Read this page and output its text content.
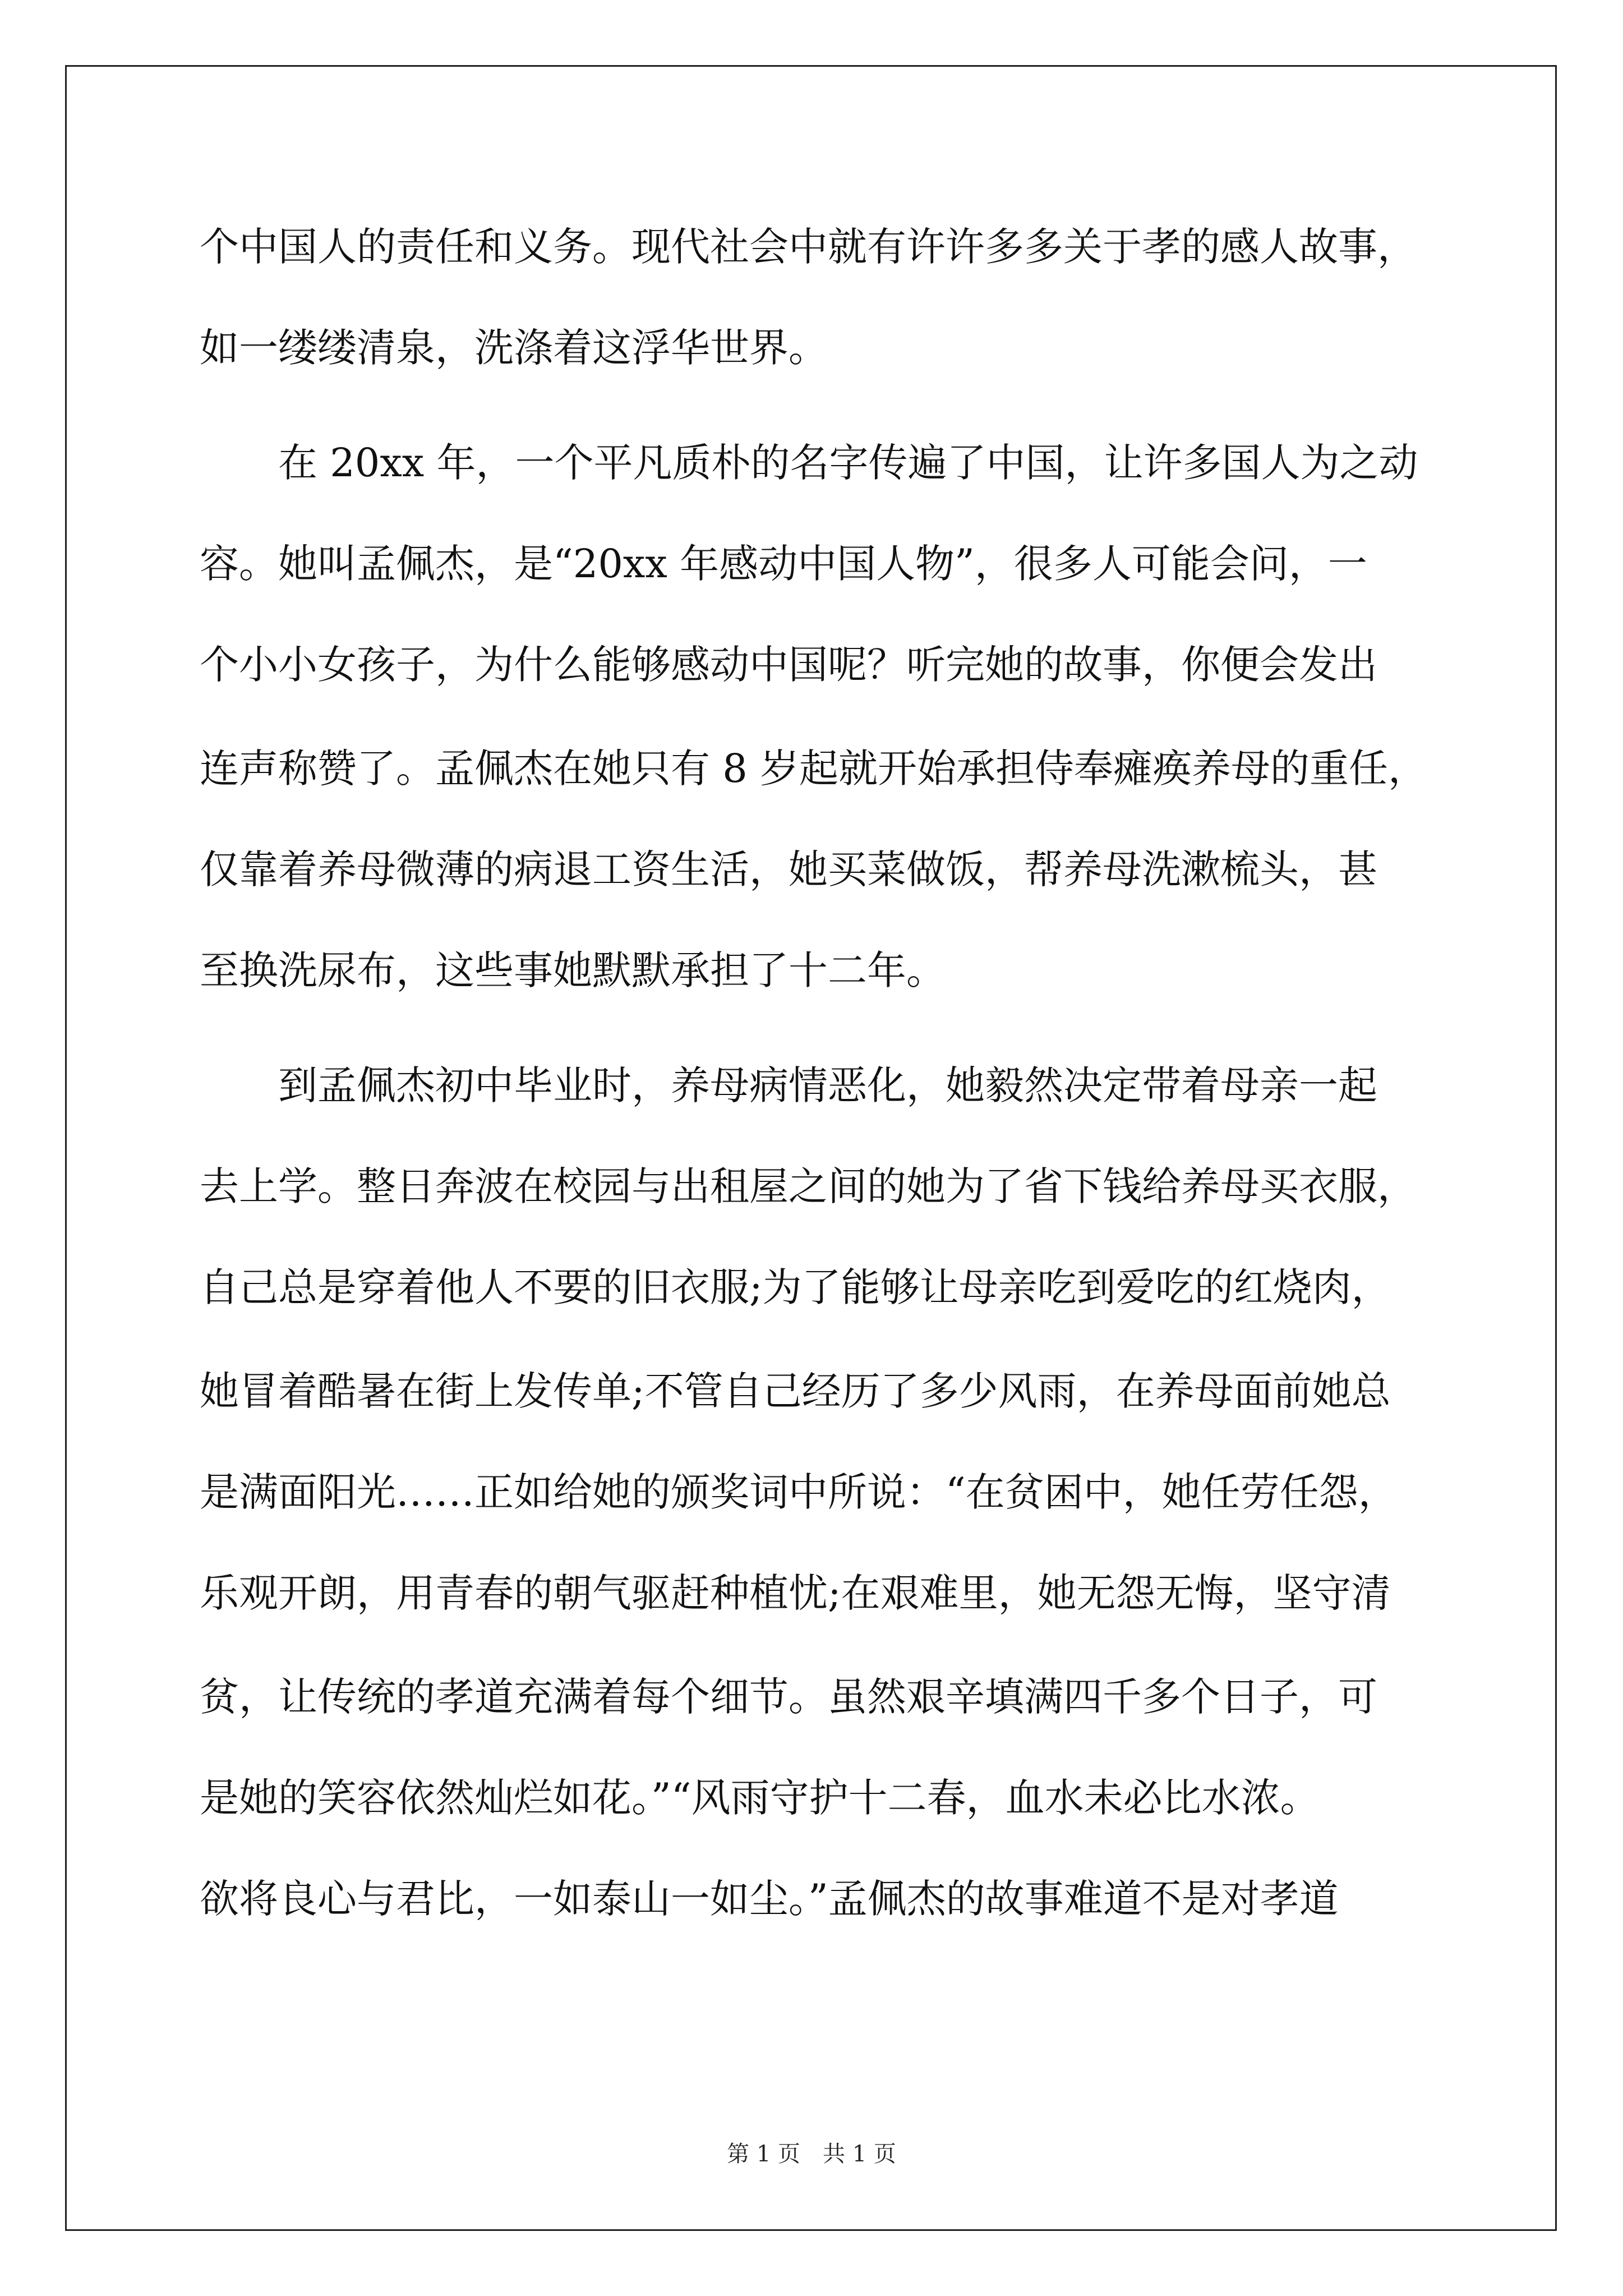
个中国人的责任和义务。现代社会中就有许许多多关于孝的感人故事，
如一缕缕清泉，洗涤着这浮华世界。
在 20xx 年，一个平凡质朴的名字传遍了中国，让许多国人为之动
容。她叫孟佩杰，是“20xx 年感动中国人物”，很多人可能会问，一
个小小女孩子，为什么能够感动中国呢？听完她的故事，你便会发出
连声称赞了。孟佩杰在她只有 8 岁起就开始承担侍奉瘫痪养母的重任，
仅靠着养母微薄的病退工资生活，她买菜做饭，帮养母洗漱梳头，甚
至换洗尿布，这些事她默默承担了十二年。
到孟佩杰初中毕业时，养母病情恶化，她毅然决定带着母亲一起
去上学。整日奔波在校园与出租屋之间的她为了省下钱给养母买衣服，
自己总是穿着他人不要的旧衣服;为了能够让母亲吃到爱吃的红烧肉，
她冒着酷暑在街上发传单;不管自己经历了多少风雨，在养母面前她总
是满面阳光……正如给她的颁奖词中所说：“在贫困中，她任劳任怨，
乐观开朗，用青春的朝气驱赶种植忧;在艰难里，她无怨无悔，坚守清
贫，让传统的孝道充满着每个细节。虽然艰辛填满四千多个日子，可
是她的笑容依然灿烂如花。”“风雨守护十二春，血水未必比水浓。
欲将良心与君比，一如泰山一如尘。”孟佩杰的故事难道不是对孝道
第 1 页 共 1 页
